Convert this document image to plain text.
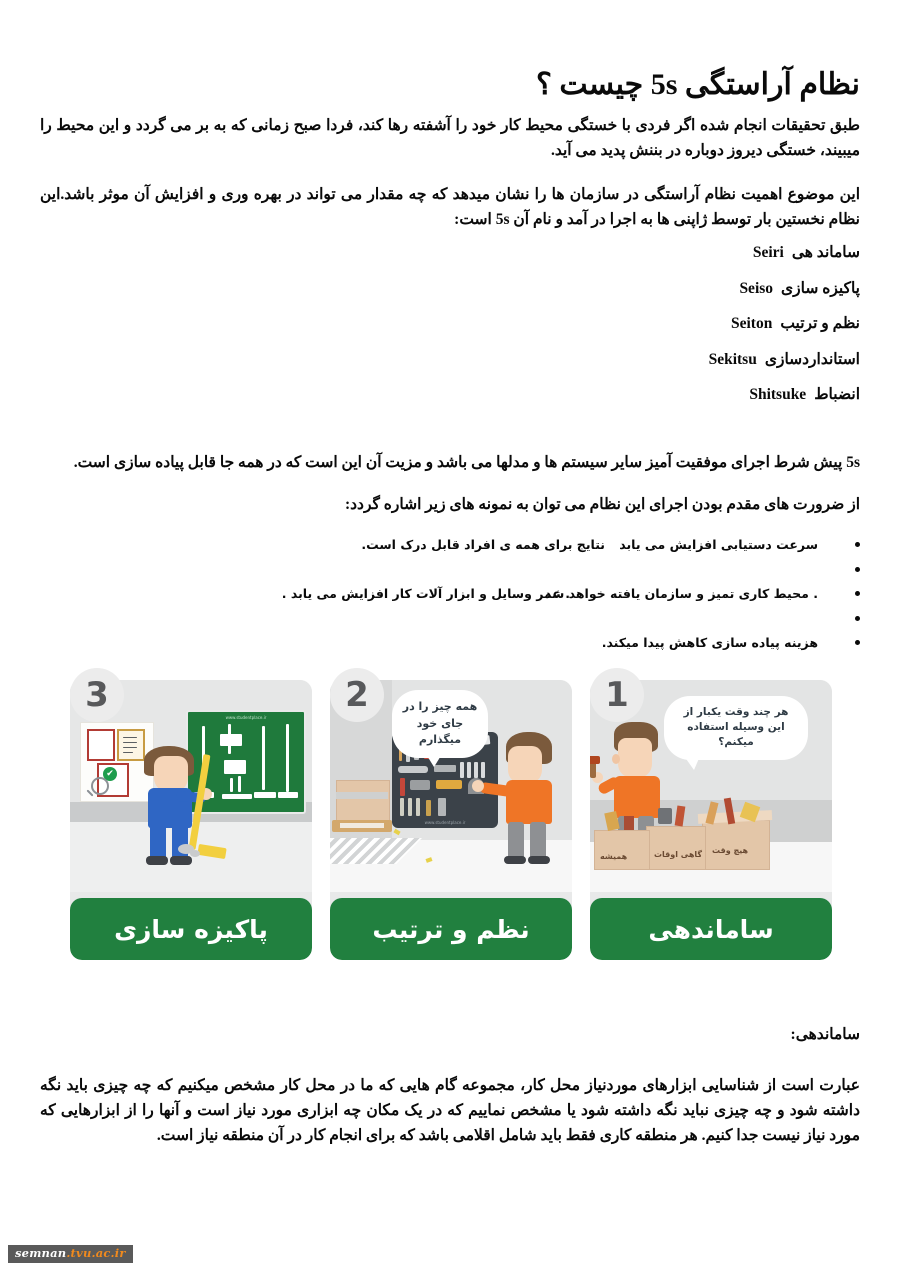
نظام آراستگی 5s چیست ؟
طبق تحقیقات انجام شده اگر فردی با خستگی محیط کار خود را آشفته رها کند، فردا صبح زمانی که به بر می گردد و این محیط را میبیند، خستگی دیروز دوباره در بننش پدید می آید.
این موضوع اهمیت نظام آراستگی در سازمان ها را نشان میدهد که چه مقدار می تواند در بهره وری و افزایش آن موثر باشد.این نظام نخستین بار توسط ژاپنی ها به اجرا در آمد و نام آن 5s است:
ساماند هیSeiri
پاکیزه سازیSeiso
نظم و ترتیبSeiton
استانداردسازیSekitsu
انضباطShitsuke
5s پیش شرط اجرای موفقیت آمیز سایر سیستم ها و مدلها می باشد و مزیت آن این است که در همه جا قابل پیاده سازی است.
از ضرورت های مقدم بودن اجرای این نظام می توان به نمونه های زیر اشاره گردد:
سرعت دستیابی افزایش می یابد
نتایج برای همه ی افراد قابل درک است.
. محیط کاری تمیز و سازمان یافته خواهد شد
. عمر وسایل و ابزار آلات کار افزایش می یابد .
هزینه پیاده سازی کاهش پیدا میکند.
هیچ وقت
گاهی اوقات
همیشه
هر چند وقت یکبار از این وسیله استفاده میکنم؟
ساماندهی
1
www.studentplace.ir
همه چیز را در جای خود میگذارم
نظم و ترتیب
2
✔
www.studentplace.ir
پاکیزه سازی
3
ساماندهی:
عبارت است از شناسایی ابزارهای موردنیاز محل کار، مجموعه گام هایی که ما در محل کار مشخص میکنیم که چه چیزی باید نگه داشته شود و چه چیزی نباید نگه داشته شود یا مشخص نماییم که در یک مکان چه ابزاری مورد نیاز است و آنها را از ابزارهایی که مورد نیاز نیست جدا کنیم. هر منطقه کاری فقط باید شامل اقلامی باشد که برای انجام کار در آن منطقه نیاز است.
semnan.tvu.ac.ir
